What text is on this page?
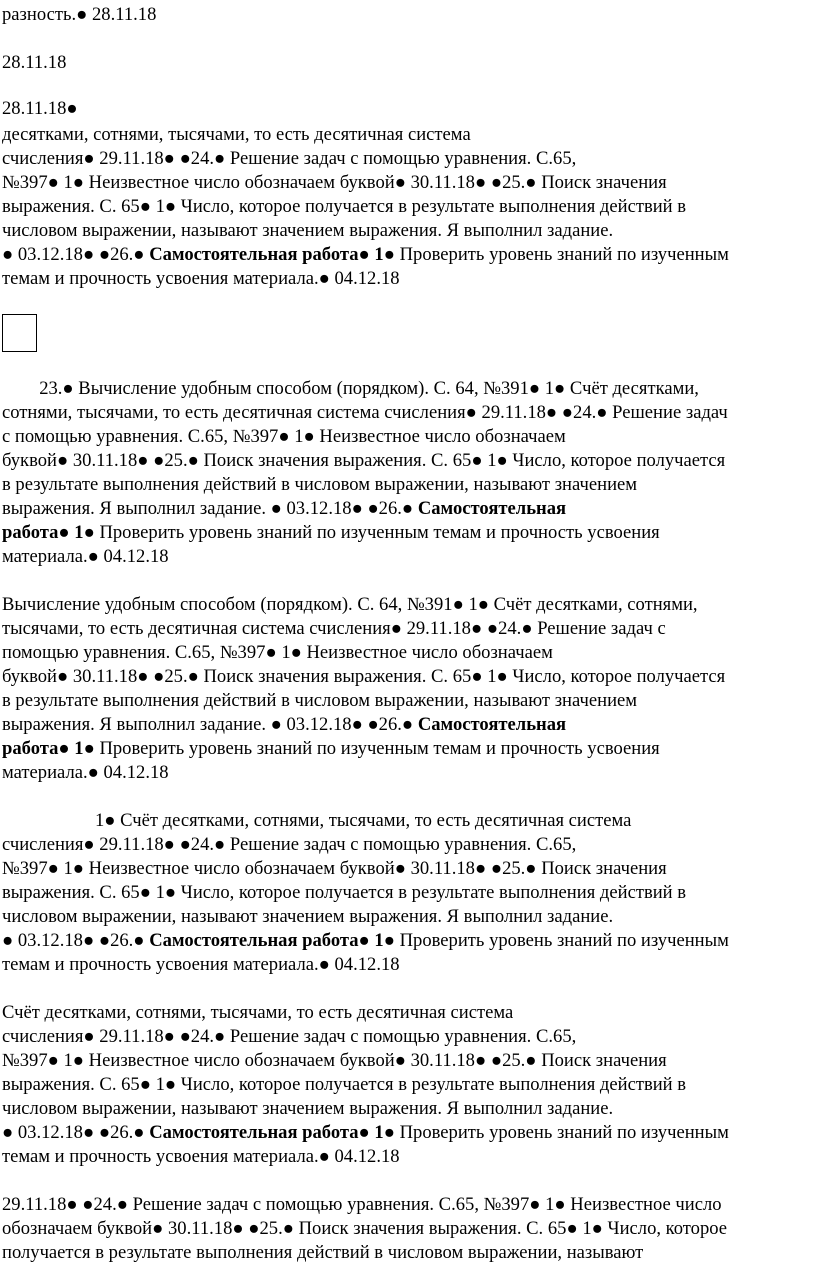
разность.● 28.11.18
28.11.18
28.11.18●
десятками, сотнями, тысячами, то есть десятичная система
счисления● 29.11.18● ●24.● Решение задач с помощью уравнения. С.65,
№397● 1● Неизвестное число обозначаем буквой● 30.11.18● ●25.● Поиск значения
выражения. С. 65● 1● Число, которое получается в результате выполнения действий в
числовом выражении, называют значением выражения. Я выполнил задание.
● 03.12.18● ●26.● Самостоятельная работа● 1● Проверить уровень знаний по изученным
темам и прочность усвоения материала.● 04.12.18
23.● Вычисление удобным способом (порядком). С. 64, №391● 1● Счёт десятками,
сотнями, тысячами, то есть десятичная система счисления● 29.11.18● ●24.● Решение задач
с помощью уравнения. С.65, №397● 1● Неизвестное число обозначаем
буквой● 30.11.18● ●25.● Поиск значения выражения. С. 65● 1● Число, которое получается
в результате выполнения действий в числовом выражении, называют значением
выражения. Я выполнил задание. ● 03.12.18● ●26.● Самостоятельная
работа● 1● Проверить уровень знаний по изученным темам и прочность усвоения
материала.● 04.12.18
Вычисление удобным способом (порядком). С. 64, №391● 1● Счёт десятками, сотнями,
тысячами, то есть десятичная система счисления● 29.11.18● ●24.● Решение задач с
помощью уравнения. С.65, №397● 1● Неизвестное число обозначаем
буквой● 30.11.18● ●25.● Поиск значения выражения. С. 65● 1● Число, которое получается
в результате выполнения действий в числовом выражении, называют значением
выражения. Я выполнил задание. ● 03.12.18● ●26.● Самостоятельная
работа● 1● Проверить уровень знаний по изученным темам и прочность усвоения
материала.● 04.12.18
1● Счёт десятками, сотнями, тысячами, то есть десятичная система
счисления● 29.11.18● ●24.● Решение задач с помощью уравнения. С.65,
№397● 1● Неизвестное число обозначаем буквой● 30.11.18● ●25.● Поиск значения
выражения. С. 65● 1● Число, которое получается в результате выполнения действий в
числовом выражении, называют значением выражения. Я выполнил задание.
● 03.12.18● ●26.● Самостоятельная работа● 1● Проверить уровень знаний по изученным
темам и прочность усвоения материала.● 04.12.18
Счёт десятками, сотнями, тысячами, то есть десятичная система
счисления● 29.11.18● ●24.● Решение задач с помощью уравнения. С.65,
№397● 1● Неизвестное число обозначаем буквой● 30.11.18● ●25.● Поиск значения
выражения. С. 65● 1● Число, которое получается в результате выполнения действий в
числовом выражении, называют значением выражения. Я выполнил задание.
● 03.12.18● ●26.● Самостоятельная работа● 1● Проверить уровень знаний по изученным
темам и прочность усвоения материала.● 04.12.18
29.11.18● ●24.● Решение задач с помощью уравнения. С.65, №397● 1● Неизвестное число
обозначаем буквой● 30.11.18● ●25.● Поиск значения выражения. С. 65● 1● Число, которое
получается в результате выполнения действий в числовом выражении, называют
